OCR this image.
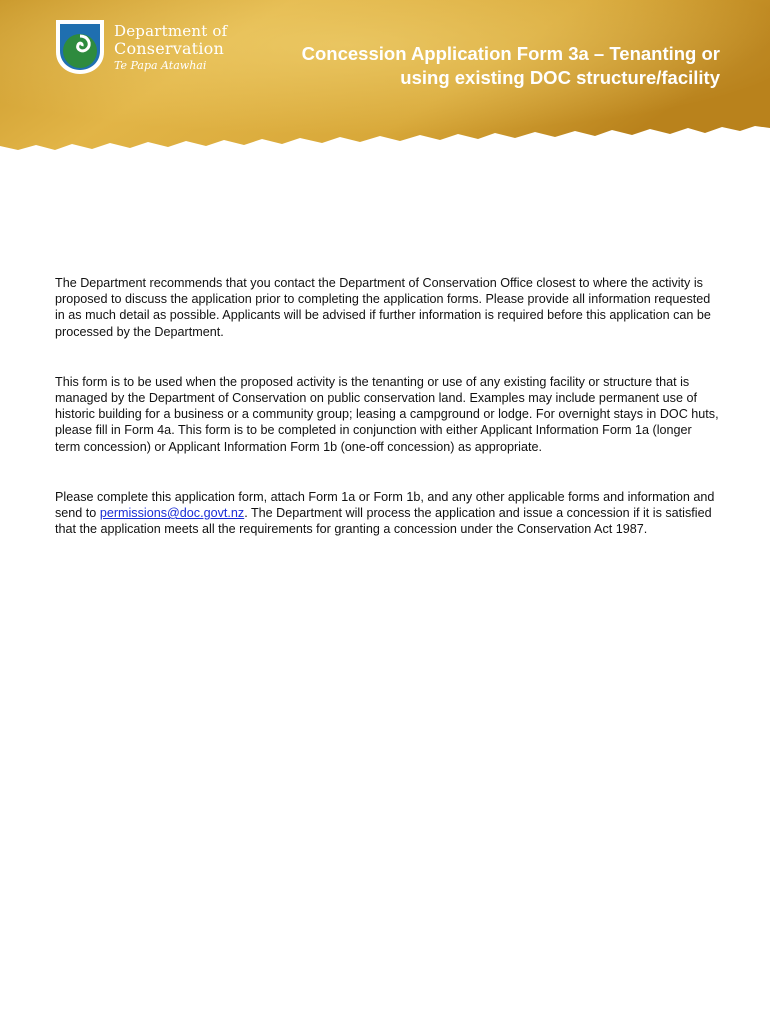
Department of
Conservation
Te Papa Atawhai
Concession Application Form 3a – Tenanting or
using existing DOC structure/facility

The Department recommends that you contact the Department of Conservation Office closest to where the activity is proposed to discuss the application prior to completing the application forms. Please provide all information requested in as much detail as possible. Applicants will be advised if further information is required before this application can be processed by the Department.

This form is to be used when the proposed activity is the tenanting or use of any existing facility or structure that is managed by the Department of Conservation on public conservation land. Examples may include permanent use of historic building for a business or a community group; leasing a campground or lodge. For overnight stays in DOC huts, please fill in Form 4a. This form is to be completed in conjunction with either Applicant Information Form 1a (longer term concession) or Applicant Information Form 1b (one-off concession) as appropriate.

Please complete this application form, attach Form 1a or Form 1b, and any other applicable forms and information and send to permissions@doc.govt.nz. The Department will process the application and issue a concession if it is satisfied that the application meets all the requirements for granting a concession under the Conservation Act 1987.
